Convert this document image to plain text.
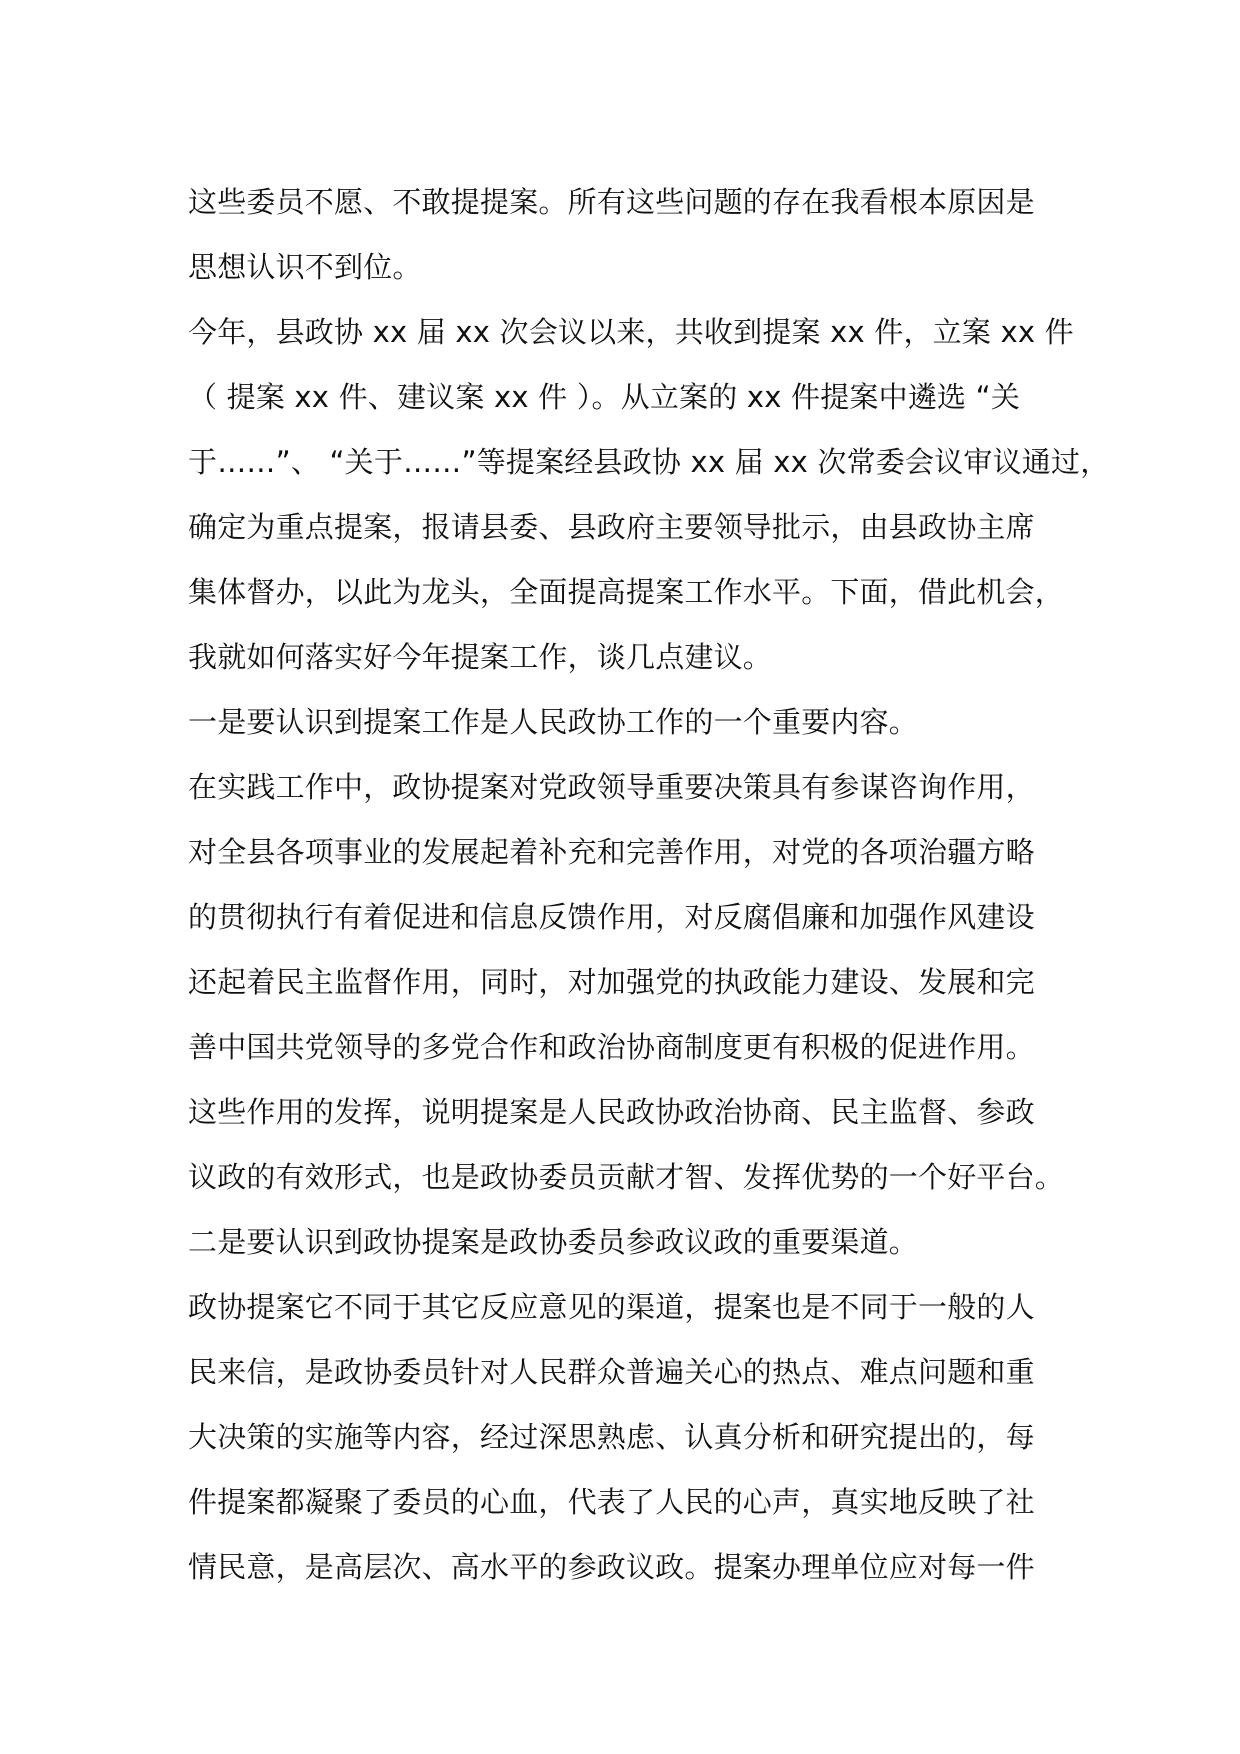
这些委员不愿、不敢提提案。所有这些问题的存在我看根本原因是
思想认识不到位。
今年，县政协 xx 届 xx 次会议以来，共收到提案 xx 件，立案 xx 件
（ 提案 xx 件、建议案 xx 件 ）。从立案的 xx 件提案中遴选 “关
于……”、 “关于……”等提案经县政协 xx 届 xx 次常委会议审议通过，
确定为重点提案，报请县委、县政府主要领导批示，由县政协主席
集体督办，以此为龙头，全面提高提案工作水平。下面，借此机会，
我就如何落实好今年提案工作，谈几点建议。
一是要认识到提案工作是人民政协工作的一个重要内容。
在实践工作中，政协提案对党政领导重要决策具有参谋咨询作用，
对全县各项事业的发展起着补充和完善作用，对党的各项治疆方略
的贯彻执行有着促进和信息反馈作用，对反腐倡廉和加强作风建设
还起着民主监督作用，同时，对加强党的执政能力建设、发展和完
善中国共党领导的多党合作和政治协商制度更有积极的促进作用。
这些作用的发挥，说明提案是人民政协政治协商、民主监督、参政
议政的有效形式，也是政协委员贡献才智、发挥优势的一个好平台。
二是要认识到政协提案是政协委员参政议政的重要渠道。
政协提案它不同于其它反应意见的渠道，提案也是不同于一般的人
民来信，是政协委员针对人民群众普遍关心的热点、难点问题和重
大决策的实施等内容，经过深思熟虑、认真分析和研究提出的，每
件提案都凝聚了委员的心血，代表了人民的心声，真实地反映了社
情民意，是高层次、高水平的参政议政。提案办理单位应对每一件
